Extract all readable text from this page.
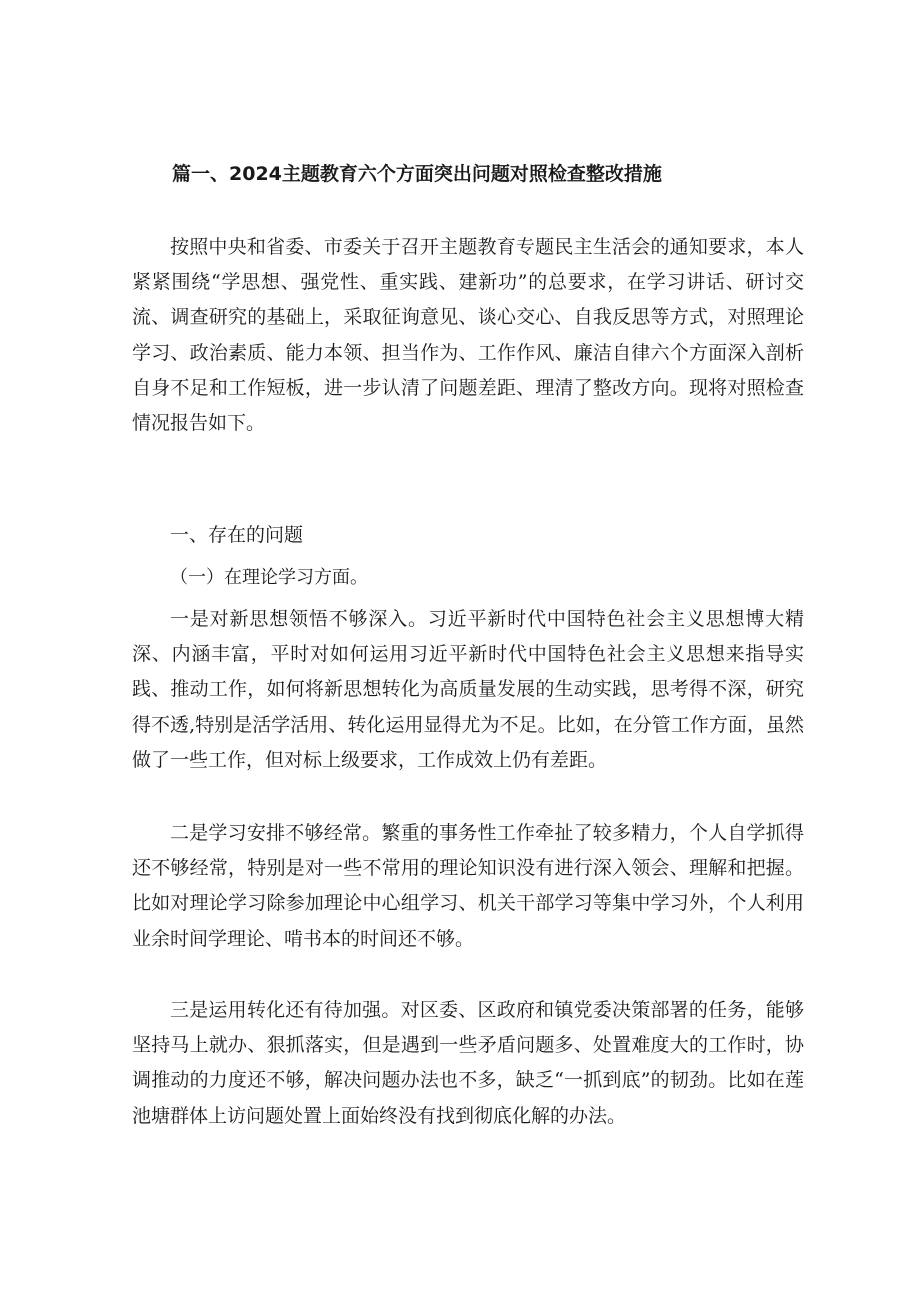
篇一、2024主题教育六个方面突出问题对照检查整改措施

按照中央和省委、市委关于召开主题教育专题民主生活会的通知要求，本人紧紧围绕“学思想、强党性、重实践、建新功”的总要求，在学习讲话、研讨交流、调查研究的基础上，采取征询意见、谈心交心、自我反思等方式，对照理论学习、政治素质、能力本领、担当作为、工作作风、廉洁自律六个方面深入剖析自身不足和工作短板，进一步认清了问题差距、理清了整改方向。现将对照检查情况报告如下。

一、存在的问题

（一）在理论学习方面。

一是对新思想领悟不够深入。习近平新时代中国特色社会主义思想博大精深、内涵丰富，平时对如何运用习近平新时代中国特色社会主义思想来指导实践、推动工作，如何将新思想转化为高质量发展的生动实践，思考得不深，研究得不透,特别是活学活用、转化运用显得尤为不足。比如，在分管工作方面，虽然做了一些工作，但对标上级要求，工作成效上仍有差距。

二是学习安排不够经常。繁重的事务性工作牵扯了较多精力，个人自学抓得还不够经常，特别是对一些不常用的理论知识没有进行深入领会、理解和把握。比如对理论学习除参加理论中心组学习、机关干部学习等集中学习外，个人利用业余时间学理论、啃书本的时间还不够。

三是运用转化还有待加强。对区委、区政府和镇党委决策部署的任务，能够坚持马上就办、狠抓落实，但是遇到一些矛盾问题多、处置难度大的工作时，协调推动的力度还不够，解决问题办法也不多，缺乏“一抓到底”的韧劲。比如在莲池塘群体上访问题处置上面始终没有找到彻底化解的办法。
